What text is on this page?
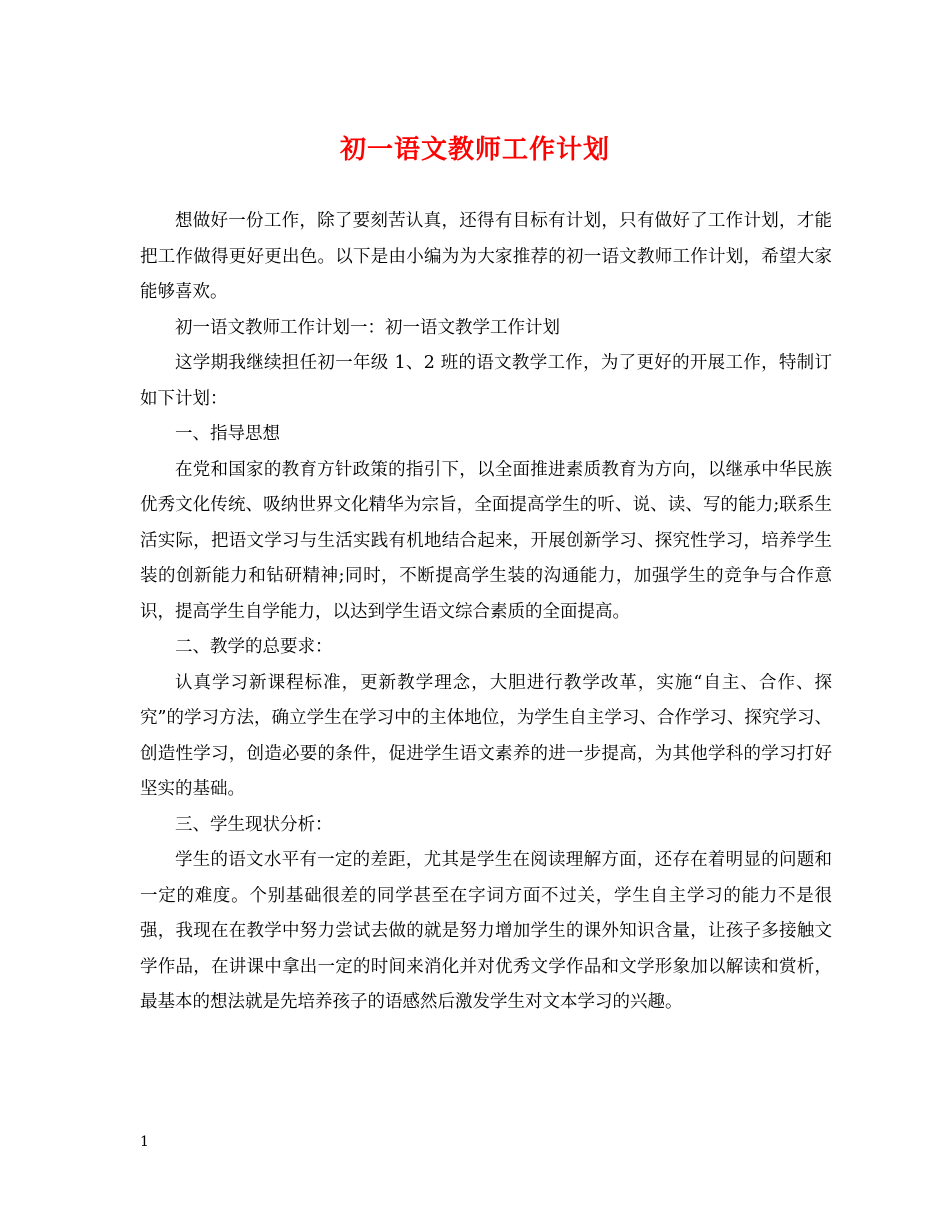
初一语文教师工作计划

想做好一份工作，除了要刻苦认真，还得有目标有计划，只有做好了工作计划，才能把工作做得更好更出色。以下是由小编为为大家推荐的初一语文教师工作计划，希望大家能够喜欢。

初一语文教师工作计划一：初一语文教学工作计划

这学期我继续担任初一年级 1、2 班的语文教学工作，为了更好的开展工作，特制订如下计划：

一、指导思想

在党和国家的教育方针政策的指引下，以全面推进素质教育为方向，以继承中华民族优秀文化传统、吸纳世界文化精华为宗旨，全面提高学生的听、说、读、写的能力;联系生活实际，把语文学习与生活实践有机地结合起来，开展创新学习、探究性学习，培养学生装的创新能力和钻研精神;同时，不断提高学生装的沟通能力，加强学生的竞争与合作意识，提高学生自学能力，以达到学生语文综合素质的全面提高。

二、教学的总要求：

认真学习新课程标准，更新教学理念，大胆进行教学改革，实施“自主、合作、探究”的学习方法，确立学生在学习中的主体地位，为学生自主学习、合作学习、探究学习、创造性学习，创造必要的条件，促进学生语文素养的进一步提高，为其他学科的学习打好坚实的基础。

三、学生现状分析：

学生的语文水平有一定的差距，尤其是学生在阅读理解方面，还存在着明显的问题和一定的难度。个别基础很差的同学甚至在字词方面不过关，学生自主学习的能力不是很强，我现在在教学中努力尝试去做的就是努力增加学生的课外知识含量，让孩子多接触文学作品，在讲课中拿出一定的时间来消化并对优秀文学作品和文学形象加以解读和赏析，最基本的想法就是先培养孩子的语感然后激发学生对文本学习的兴趣。

1
